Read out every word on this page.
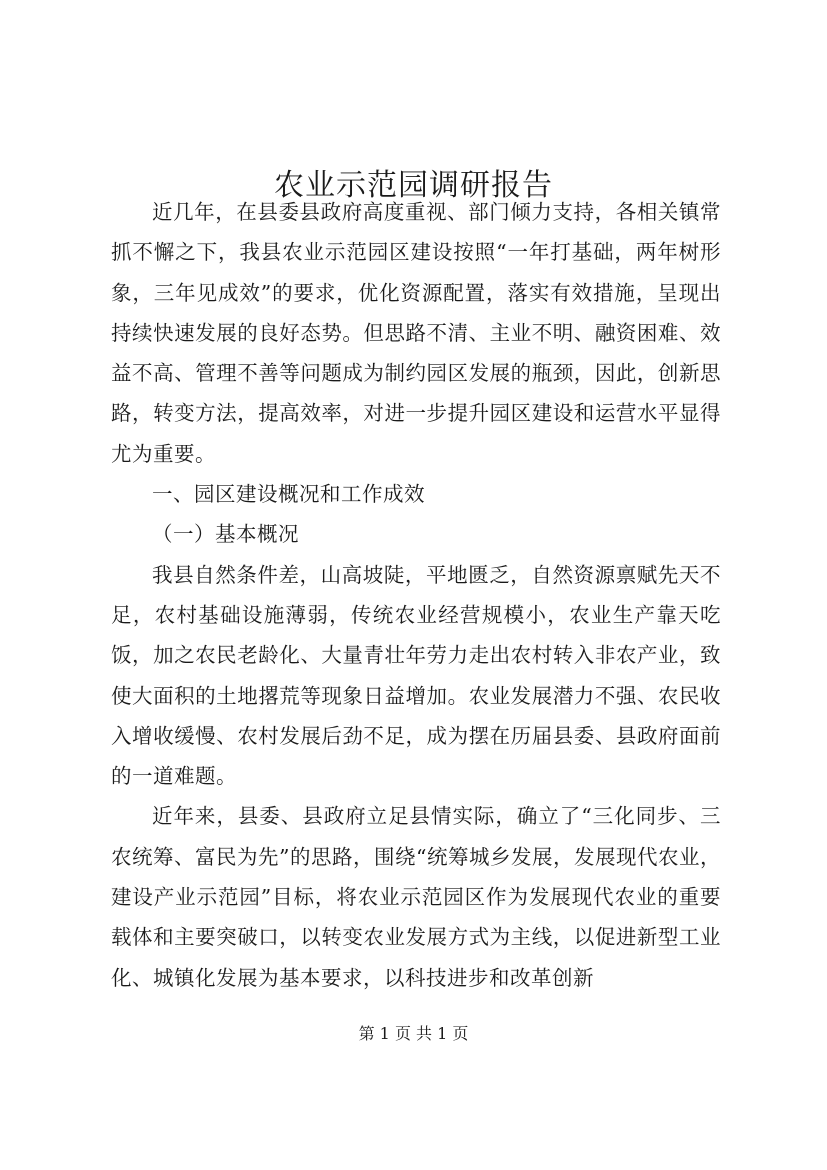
农业示范园调研报告

近几年，在县委县政府高度重视、部门倾力支持，各相关镇常抓不懈之下，我县农业示范园区建设按照“一年打基础，两年树形象，三年见成效”的要求，优化资源配置，落实有效措施，呈现出持续快速发展的良好态势。但思路不清、主业不明、融资困难、效益不高、管理不善等问题成为制约园区发展的瓶颈，因此，创新思路，转变方法，提高效率，对进一步提升园区建设和运营水平显得尤为重要。

一、园区建设概况和工作成效

（一）基本概况

我县自然条件差，山高坡陡，平地匮乏，自然资源禀赋先天不足，农村基础设施薄弱，传统农业经营规模小，农业生产靠天吃饭，加之农民老龄化、大量青壮年劳力走出农村转入非农产业，致使大面积的土地撂荒等现象日益增加。农业发展潜力不强、农民收入增收缓慢、农村发展后劲不足，成为摆在历届县委、县政府面前的一道难题。

近年来，县委、县政府立足县情实际，确立了“三化同步、三农统筹、富民为先”的思路，围绕“统筹城乡发展，发展现代农业，建设产业示范园”目标，将农业示范园区作为发展现代农业的重要载体和主要突破口，以转变农业发展方式为主线，以促进新型工业化、城镇化发展为基本要求，以科技进步和改革创新

第 1 页 共 1 页
